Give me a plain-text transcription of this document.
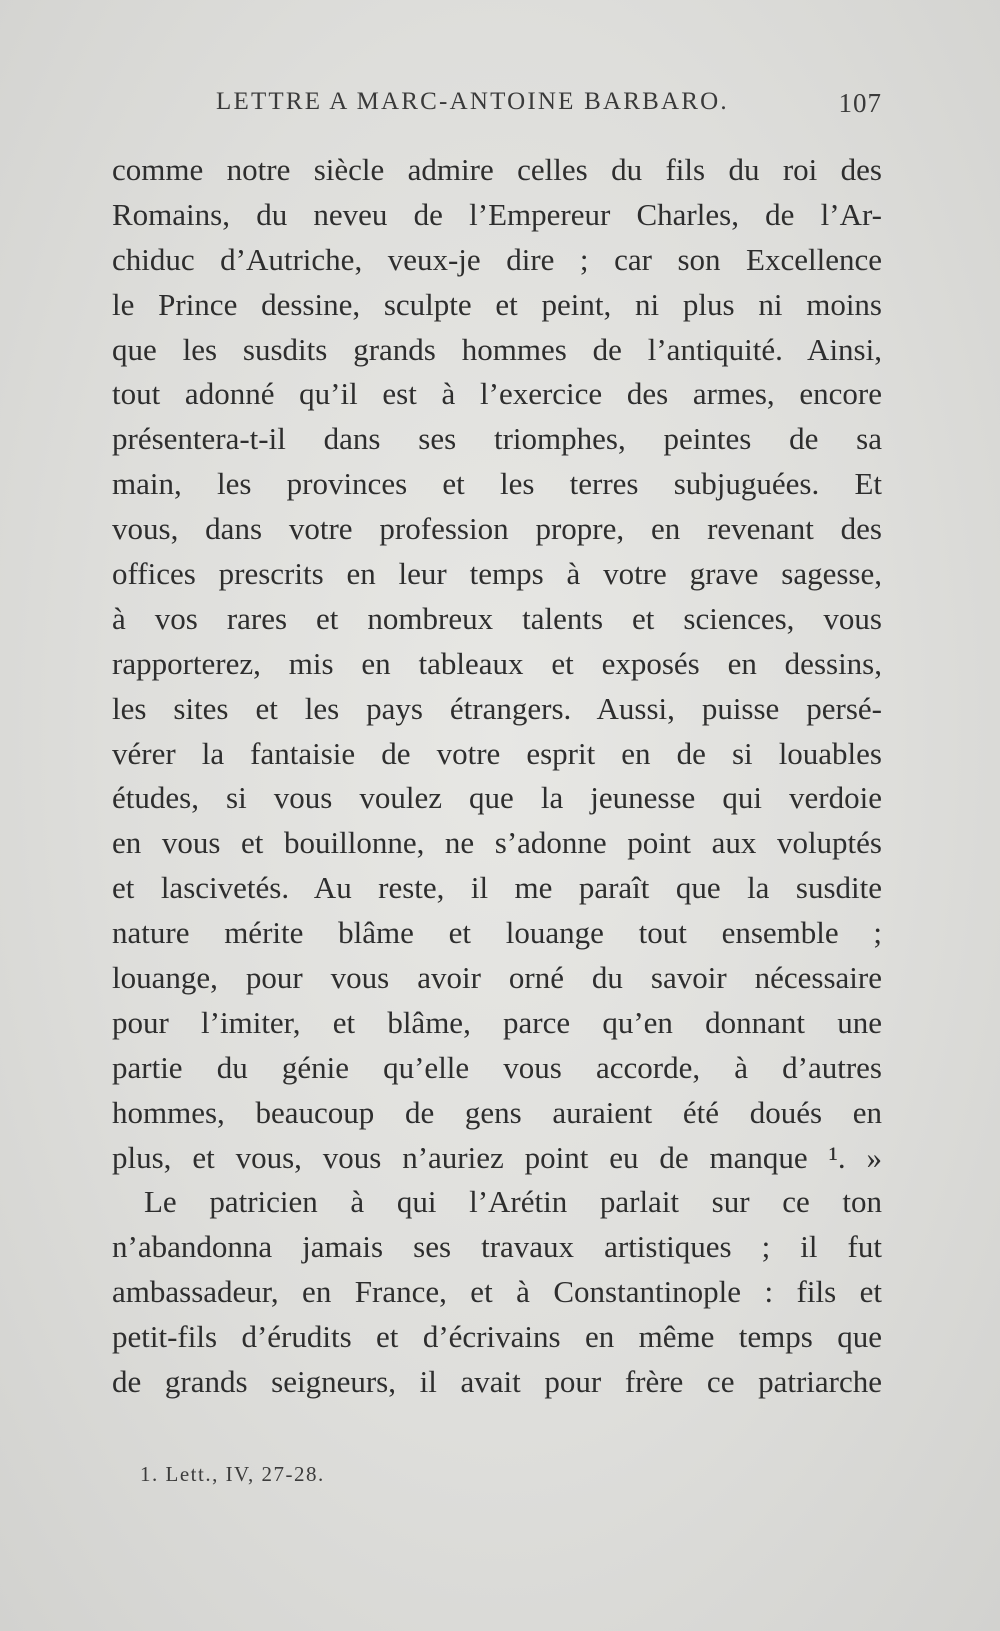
LETTRE A MARC-ANTOINE BARBARO.	107
comme notre siècle admire celles du fils du roi des
Romains, du neveu de l’Empereur Charles, de l’Ar-
chiduc d’Autriche, veux-je dire ; car son Excellence
le Prince dessine, sculpte et peint, ni plus ni moins
que les susdits grands hommes de l’antiquité. Ainsi,
tout adonné qu’il est à l’exercice des armes, encore
présentera-t-il dans ses triomphes, peintes de sa
main, les provinces et les terres subjuguées. Et
vous, dans votre profession propre, en revenant des
offices prescrits en leur temps à votre grave sagesse,
à vos rares et nombreux talents et sciences, vous
rapporterez, mis en tableaux et exposés en dessins,
les sites et les pays étrangers. Aussi, puisse persé-
vérer la fantaisie de votre esprit en de si louables
études, si vous voulez que la jeunesse qui verdoie
en vous et bouillonne, ne s’adonne point aux voluptés
et lascivetés. Au reste, il me paraît que la susdite
nature mérite blâme et louange tout ensemble ;
louange, pour vous avoir orné du savoir nécessaire
pour l’imiter, et blâme, parce qu’en donnant une
partie du génie qu’elle vous accorde, à d’autres
hommes, beaucoup de gens auraient été doués en
plus, et vous, vous n’auriez point eu de manque ¹. »
Le patricien à qui l’Arétin parlait sur ce ton
n’abandonna jamais ses travaux artistiques ; il fut
ambassadeur, en France, et à Constantinople : fils et
petit-fils d’érudits et d’écrivains en même temps que
de grands seigneurs, il avait pour frère ce patriarche
1. Lett., IV, 27-28.
